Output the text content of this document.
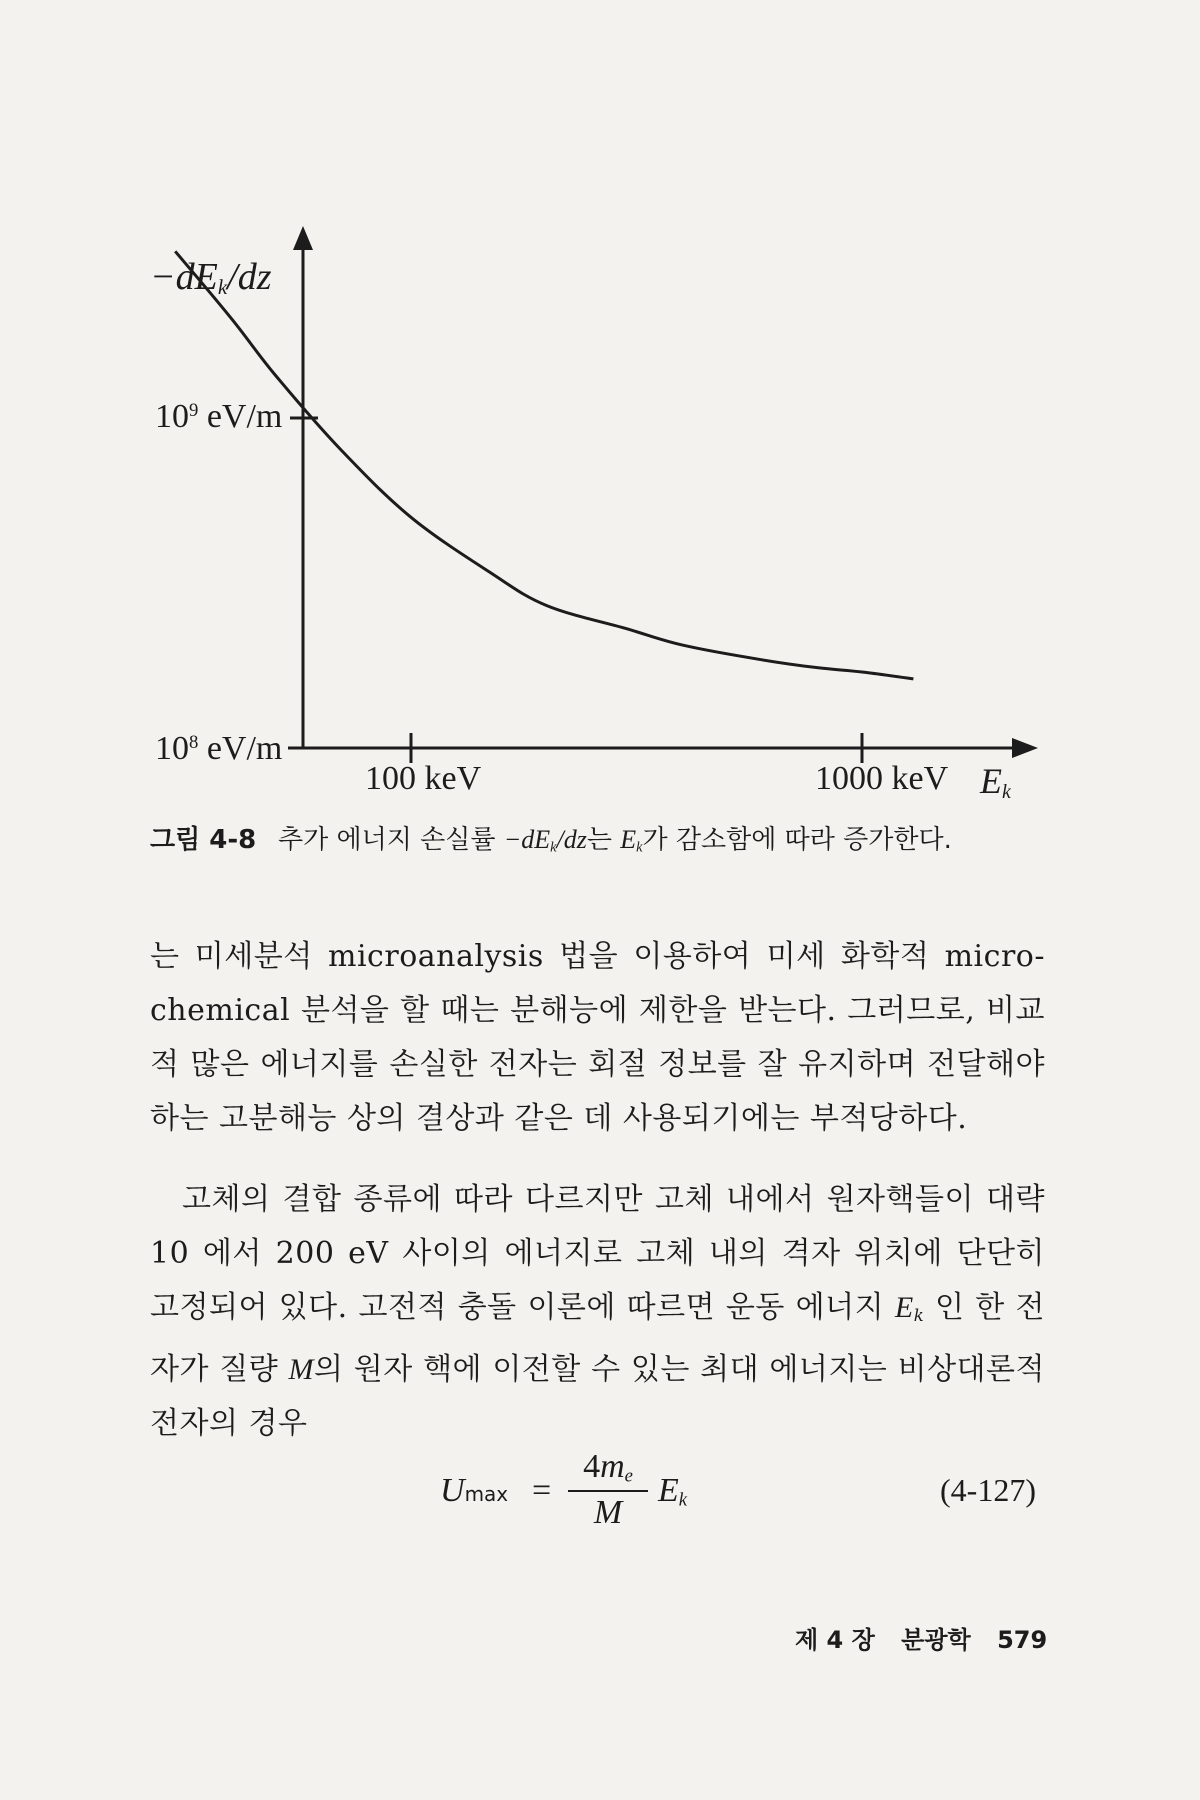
$-dE_k/dz$
$10^9$ eV/m
$10^8$ eV/m
100 keV	1000 keV $E_k$
그림 4-8 추가 에너지 손실률 $-dE_k/dz$는 $E_k$가 감소함에 따라 증가한다.
는 미세분석 microanalysis 법을 이용하여 미세 화학적 micro-chemical 분석을 할 때는 분해능에 제한을 받는다. 그러므로, 비교적 많은 에너지를 손실한 전자는 회절 정보를 잘 유지하며 전달해야 하는 고분해능 상의 결상과 같은 데 사용되기에는 부적당하다.
고체의 결합 종류에 따라 다르지만 고체 내에서 원자핵들이 대략 10 에서 200 eV 사이의 에너지로 고체 내의 격자 위치에 단단히 고정되어 있다. 고전적 충돌 이론에 따르면 운동 에너지 $E_k$ 인 한 전자가 질량 M의 원자 핵에 이전할 수 있는 최대 에너지는 비상대론적 전자의 경우
$Umax = \frac{4m_e}{M} E_k$	(4-127)
제 4 장 분광학 579
